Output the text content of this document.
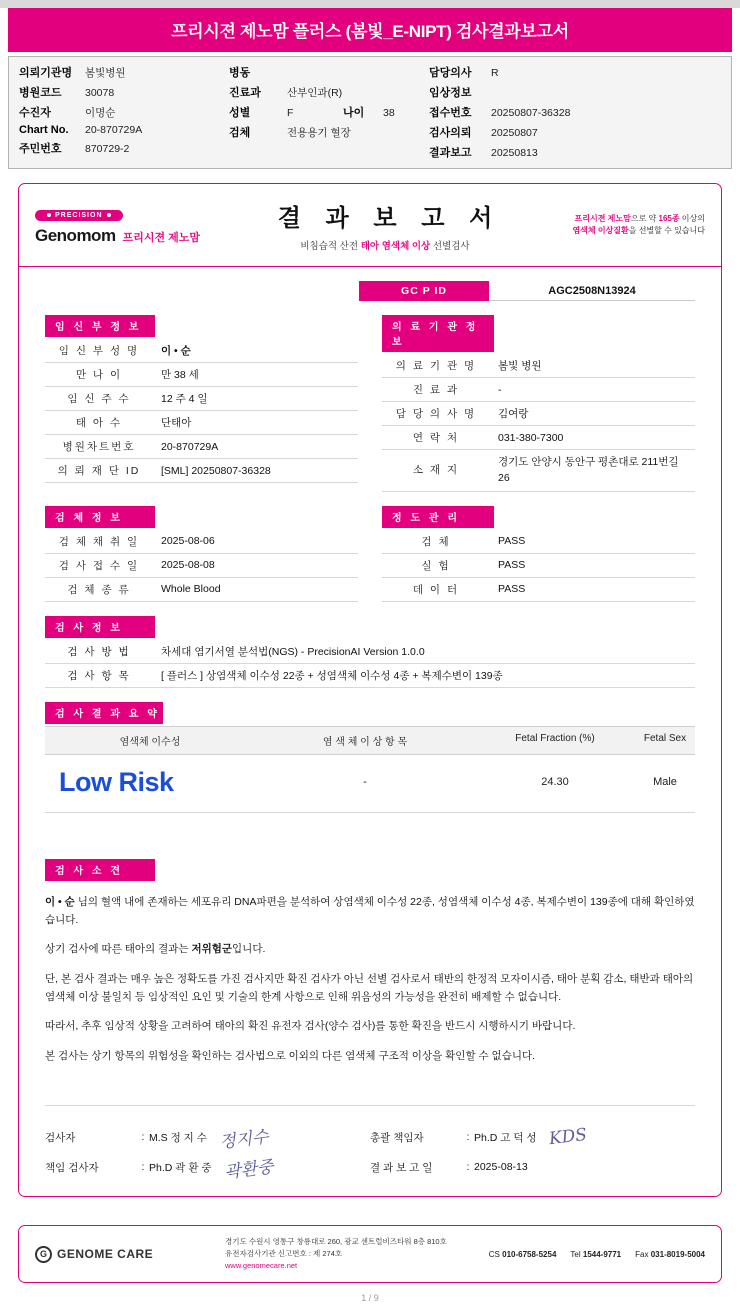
프리시젼 제노맘 플러스 (봄빛_E-NIPT) 검사결과보고서
의뢰기관명	봄빛병원
병원코드	30078
수진자	이명순
Chart No.	20-870729A
주민번호	870729-2
병동
진료과	산부인과(R)
성별	F	나이	38
검체	전용용기 혈장
담당의사	R
임상정보
접수번호	20250807-36328
검사의뢰	20250807
결과보고	20250813
PRECISION
Genomom 프리시젼 제노맘
결 과 보 고 서
비침습적 산전 태아 염색체 이상 선별검사
프리시젼 제노맘으로 약 165종 이상의
염색체 이상질환을 선별할 수 있습니다
GC P ID	AGC2508N13924
임 신 부 정 보
임 신 부 성 명	이 • 순
만 나 이	만 38 세
임 신 주 수	12 주 4 일
태 아 수	단태아
병원차트번호	20-870729A
의 뢰 재 단 ID	[SML] 20250807-36328
의 료 기 관 정 보
의 료 기 관 명	봄빛 병원
진 료 과	-
담 당 의 사 명	김여랑
연 락 처	031-380-7300
소 재 지	경기도 안양시 동안구 평촌대로 211번길 26
검 체 정 보
검 체 채 취 일	2025-08-06
검 사 접 수 일	2025-08-08
검 체 종 류	Whole Blood
정 도 관 리
검 체	PASS
실 험	PASS
데 이 터	PASS
검 사 정 보
검 사 방 법	차세대 염기서열 분석법(NGS) - PrecisionAI Version 1.0.0
검 사 항 목	[ 플러스 ] 상염색체 이수성 22종 + 성염색체 이수성 4종 + 복제수변이 139종
검 사 결 과 요 약
염색체 이수성	염 색 체 이 상 항 목	Fetal Fraction (%)	Fetal Sex
Low Risk	-	24.30	Male
검 사 소 견

이 • 순 님의 혈액 내에 존재하는 세포유리 DNA파편을 분석하여 상염색체 이수성 22종, 성염색체 이수성 4종, 복제수변이 139종에 대해 확인하였습니다.

상기 검사에 따른 태아의 결과는 저위험군입니다.

단, 본 검사 결과는 매우 높은 정확도를 가진 검사지만 확진 검사가 아닌 선별 검사로서 태반의 한정적 모자이시즘, 태아 분획 감소, 태반과 태아의 염색체 이상 불일치 등 임상적인 요인 및 기술의 한계 사항으로 인해 위음성의 가능성을 완전히 배제할 수 없습니다.

따라서, 추후 임상적 상황을 고려하여 태아의 확진 유전자 검사(양수 검사)를 통한 확진을 반드시 시행하시기 바랍니다.

본 검사는 상기 항목의 위험성을 확인하는 검사법으로 이외의 다른 염색체 구조적 이상을 확인할 수 없습니다.

검사자	: M.S 정 지 수 정지수
책임 검사자	: Ph.D 곽 환 중 곽환중
총괄 책임자	: Ph.D 고 덕 성 KDS
결 과 보 고 일	: 2025-08-13
G GENOME CARE
경기도 수원시 영통구 창룡대로 260, 광교 센트럴비즈타워 8층 810호
유전자검사기관 신고번호 : 제 274호
www.genomecare.net
CS 010-6758-5254 Tel 1544-9771 Fax 031-8019-5004
1 / 9
